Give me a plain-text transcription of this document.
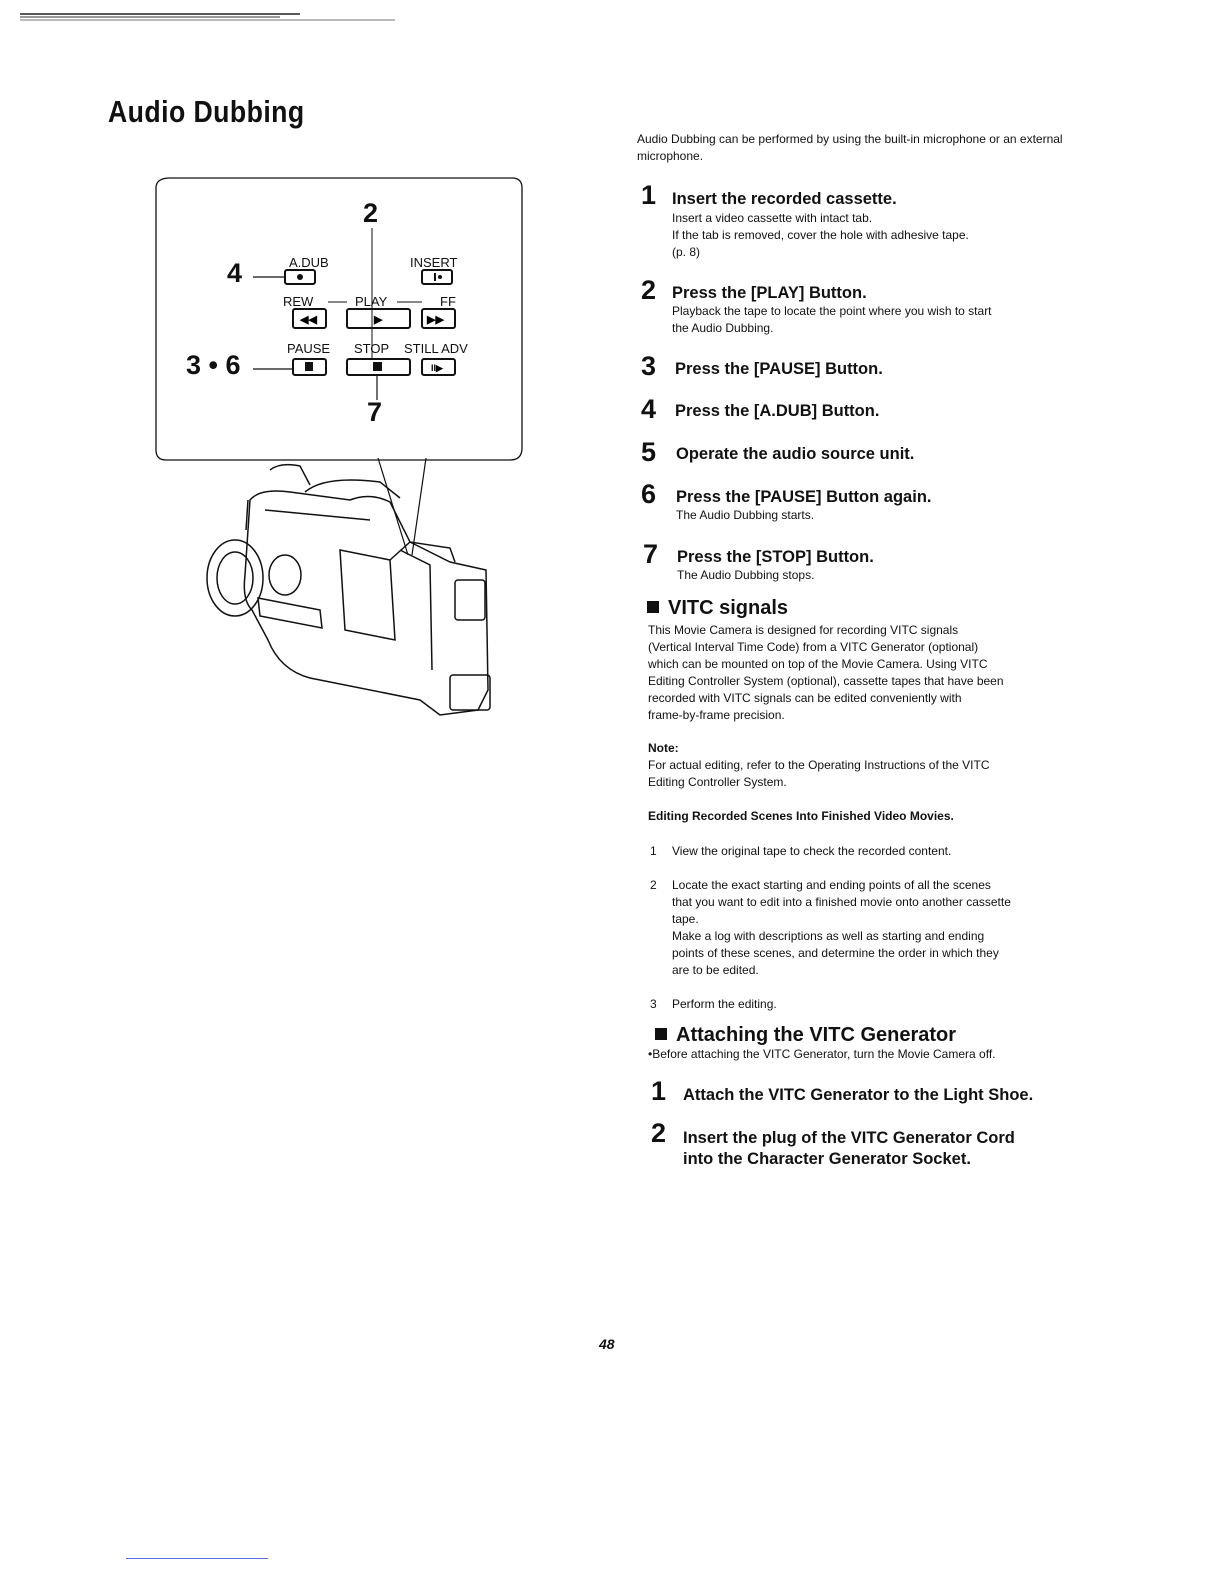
Audio Dubbing
Audio Dubbing can be performed by using the built-in microphone or an external microphone.
◀◀	▶	▶▶
II▶
2
4
3 • 6
7
A.DUB	INSERT
REW	PLAY	FF
PAUSE STOP STILL ADV
1 Insert the recorded cassette.
Insert a video cassette with intact tab.
If the tab is removed, cover the hole with adhesive tape.
(p. 8)
2 Press the [PLAY] Button.
Playback the tape to locate the point where you wish to start
the Audio Dubbing.
3 Press the [PAUSE] Button.
4 Press the [A.DUB] Button.
5 Operate the audio source unit.
6 Press the [PAUSE] Button again.
The Audio Dubbing starts.
7 Press the [STOP] Button.
The Audio Dubbing stops.
VITC signals
This Movie Camera is designed for recording VITC signals
(Vertical Interval Time Code) from a VITC Generator (optional)
which can be mounted on top of the Movie Camera. Using VITC
Editing Controller System (optional), cassette tapes that have been
recorded with VITC signals can be edited conveniently with
frame-by-frame precision.
Note:
For actual editing, refer to the Operating Instructions of the VITC
Editing Controller System.
Editing Recorded Scenes Into Finished Video Movies.
1 View the original tape to check the recorded content.
2 Locate the exact starting and ending points of all the scenes
that you want to edit into a finished movie onto another cassette
tape.
Make a log with descriptions as well as starting and ending
points of these scenes, and determine the order in which they
are to be edited.
3 Perform the editing.
Attaching the VITC Generator
•Before attaching the VITC Generator, turn the Movie Camera off.
1 Attach the VITC Generator to the Light Shoe.
2 Insert the plug of the VITC Generator Cord
into the Character Generator Socket.
48
